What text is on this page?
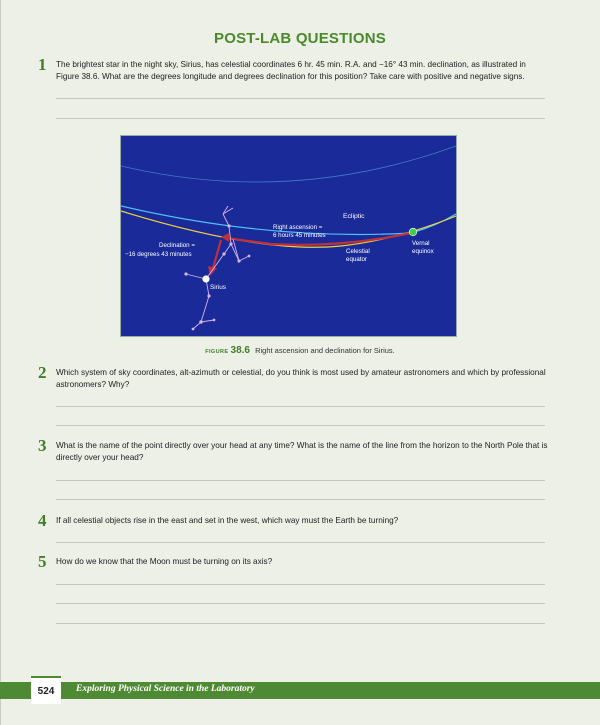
POST-LAB QUESTIONS
1 The brightest star in the night sky, Sirius, has celestial coordinates 6 hr. 45 min. R.A. and −16° 43 min. declination, as illustrated in Figure 38.6. What are the degrees longitude and degrees declination for this position? Take care with positive and negative signs.
Ecliptic
Right ascension =
6 hours 45 minutes
Declination =
−16 degrees 43 minutes	Celestial
equator
Vernal
equinox
Sirius
FIGURE 38.6 Right ascension and declination for Sirius.
2 Which system of sky coordinates, alt-azimuth or celestial, do you think is most used by amateur astronomers and which by professional astronomers? Why?
3 What is the name of the point directly over your head at any time? What is the name of the line from the horizon to the North Pole that is directly over your head?
4 If all celestial objects rise in the east and set in the west, which way must the Earth be turning?
5 How do we know that the Moon must be turning on its axis?
524	Exploring Physical Science in the Laboratory
